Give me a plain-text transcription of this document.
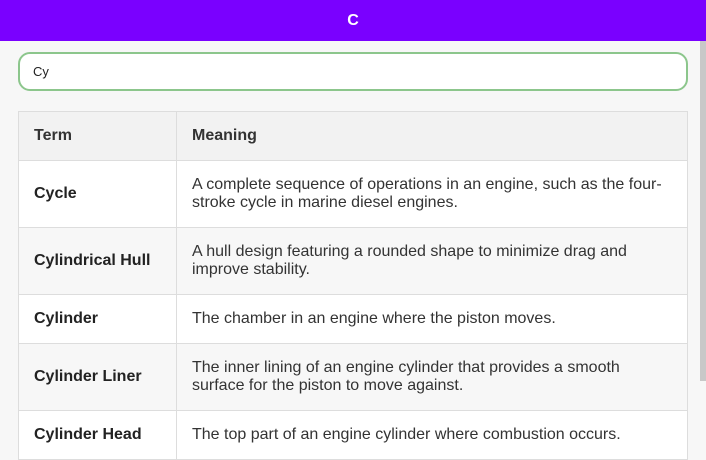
C
Cy
Term	Meaning
Cycle	A complete sequence of operations in an engine, such as the four-stroke cycle in marine diesel engines.
Cylindrical Hull	A hull design featuring a rounded shape to minimize drag and improve stability.
Cylinder	The chamber in an engine where the piston moves.
Cylinder Liner	The inner lining of an engine cylinder that provides a smooth surface for the piston to move against.
Cylinder Head	The top part of an engine cylinder where combustion occurs.
